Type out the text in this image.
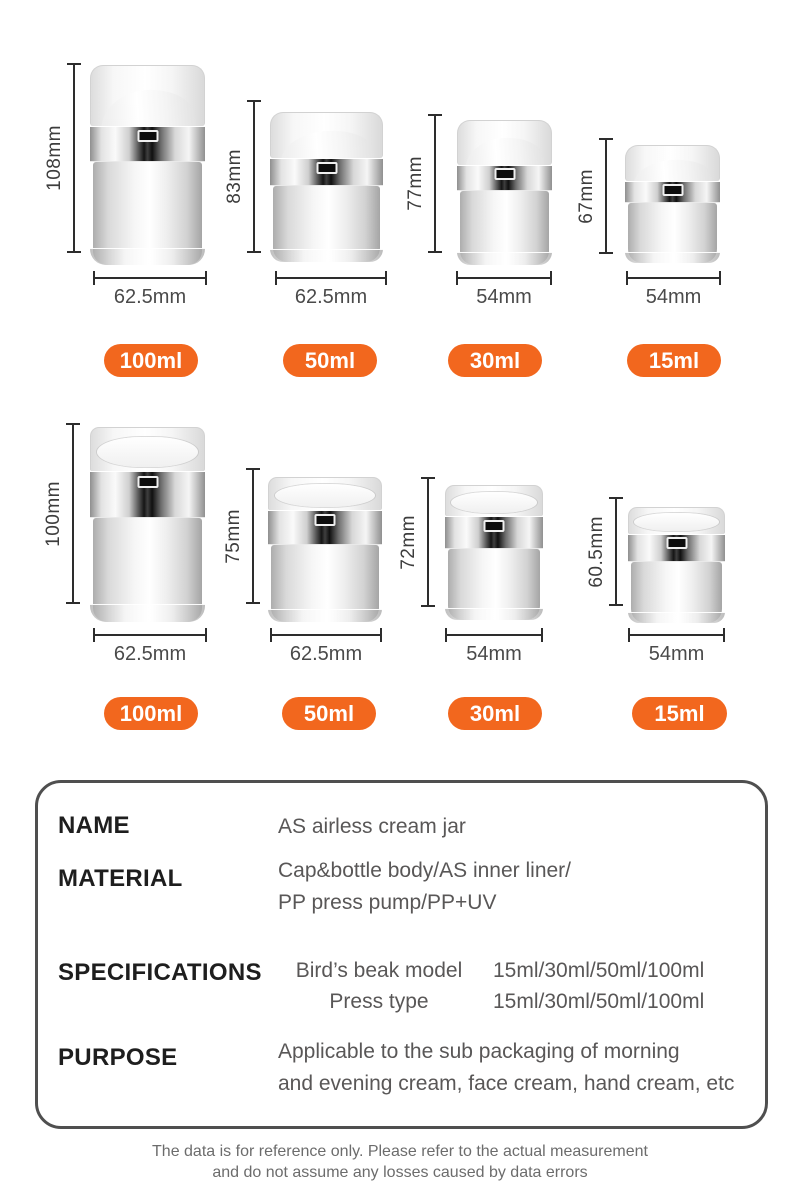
108mm
62.5mm
100ml
83mm
62.5mm
50ml
77mm
54mm
30ml
67mm
54mm
15ml
100mm
62.5mm
100ml
75mm
62.5mm
50ml
72mm
54mm
30ml
60.5mm
54mm
15ml
NAME	AS airless cream jar
MATERIAL	Cap&bottle body/AS inner liner/
PP press pump/PP+UV
SPECIFICATIONS	Bird’s beak model	15ml/30ml/50ml/100ml
Press type	15ml/30ml/50ml/100ml
PURPOSE	Applicable to the sub packaging of morning
and evening cream, face cream, hand cream, etc
The data is for reference only. Please refer to the actual measurement
and do not assume any losses caused by data errors
